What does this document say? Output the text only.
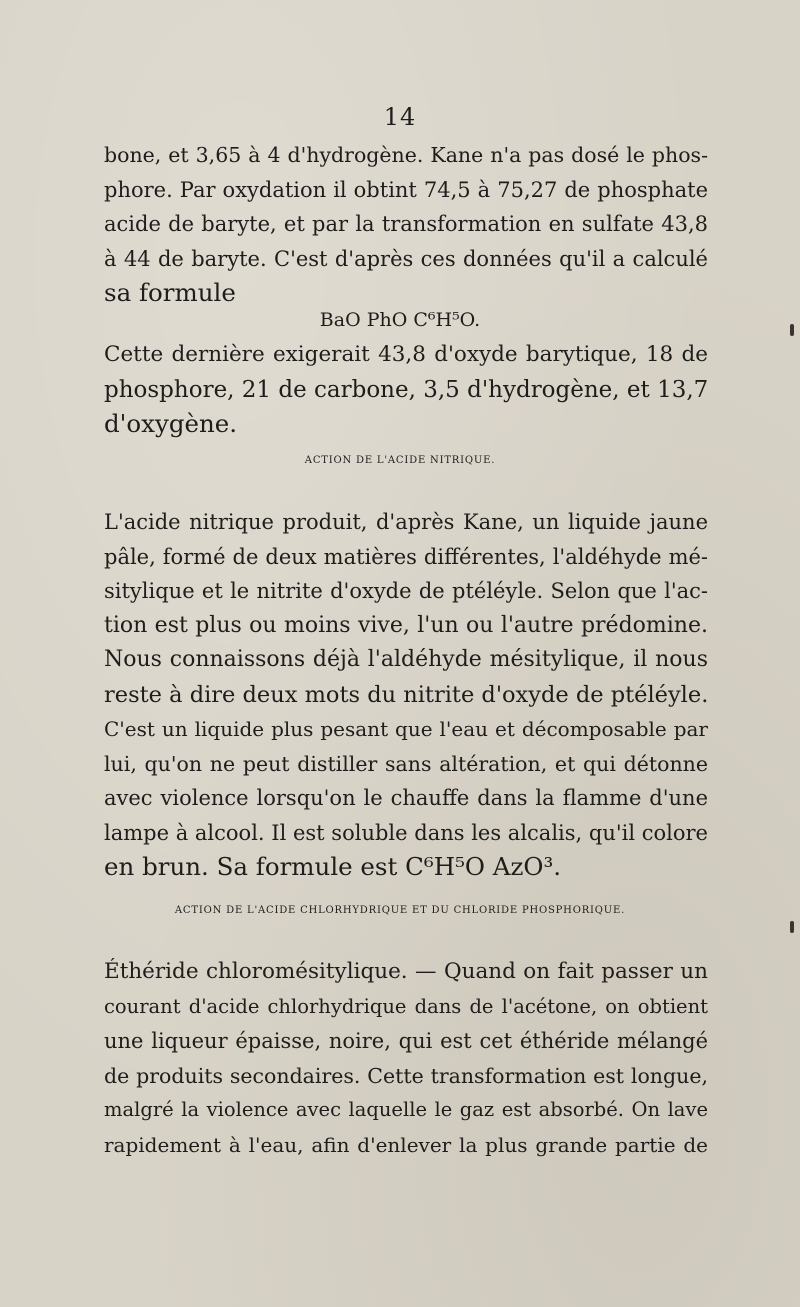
14
bone, et 3,65 à 4 d'hydrogène. Kane n'a pas dosé le phos-
phore. Par oxydation il obtint 74,5 à 75,27 de phosphate
acide de baryte, et par la transformation en sulfate 43,8
à 44 de baryte. C'est d'après ces données qu'il a calculé
sa formule
BaO PhO C⁶H⁵O.
Cette dernière exigerait 43,8 d'oxyde barytique, 18 de
phosphore, 21 de carbone, 3,5 d'hydrogène, et 13,7
d'oxygène.
ACTION DE L'ACIDE NITRIQUE.
L'acide nitrique produit, d'après Kane, un liquide jaune
pâle, formé de deux matières différentes, l'aldéhyde mé-
sitylique et le nitrite d'oxyde de ptéléyle. Selon que l'ac-
tion est plus ou moins vive, l'un ou l'autre prédomine.
Nous connaissons déjà l'aldéhyde mésitylique, il nous
reste à dire deux mots du nitrite d'oxyde de ptéléyle.
C'est un liquide plus pesant que l'eau et décomposable par
lui, qu'on ne peut distiller sans altération, et qui détonne
avec violence lorsqu'on le chauffe dans la flamme d'une
lampe à alcool. Il est soluble dans les alcalis, qu'il colore
en brun. Sa formule est C⁶H⁵O AzO³.
ACTION DE L'ACIDE CHLORHYDRIQUE ET DU CHLORIDE PHOSPHORIQUE.
Éthéride chloromésitylique. — Quand on fait passer un
courant d'acide chlorhydrique dans de l'acétone, on obtient
une liqueur épaisse, noire, qui est cet éthéride mélangé
de produits secondaires. Cette transformation est longue,
malgré la violence avec laquelle le gaz est absorbé. On lave
rapidement à l'eau, afin d'enlever la plus grande partie de
